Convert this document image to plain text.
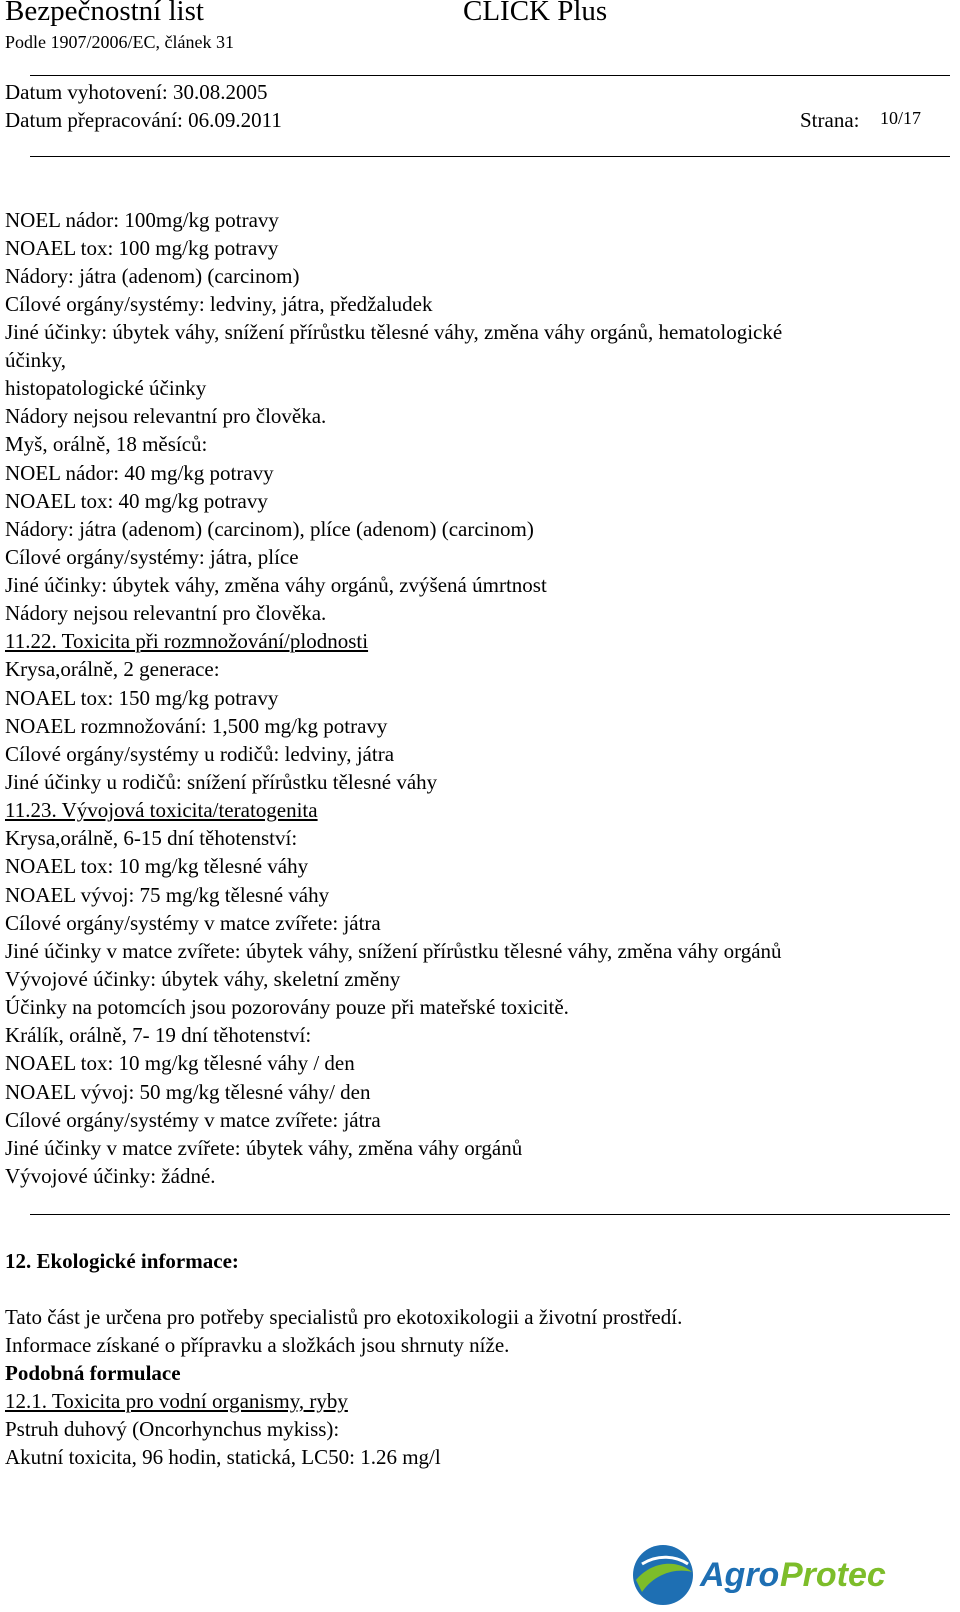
Bezpečnostní list	CLICK Plus
Podle 1907/2006/EC, článek 31
Datum vyhotovení: 30.08.2005
Datum přepracování: 06.09.2011	Strana: 10/17
NOEL nádor: 100mg/kg potravy
NOAEL tox: 100 mg/kg potravy
Nádory: játra (adenom) (carcinom)
Cílové orgány/systémy: ledviny, játra, předžaludek
Jiné účinky: úbytek váhy, snížení přírůstku tělesné váhy, změna váhy orgánů, hematologické
účinky,
histopatologické účinky
Nádory nejsou relevantní pro člověka.
Myš, orálně, 18 měsíců:
NOEL nádor: 40 mg/kg potravy
NOAEL tox: 40 mg/kg potravy
Nádory: játra (adenom) (carcinom), plíce (adenom) (carcinom)
Cílové orgány/systémy: játra, plíce
Jiné účinky: úbytek váhy, změna váhy orgánů, zvýšená úmrtnost
Nádory nejsou relevantní pro člověka.
11.22. Toxicita při rozmnožování/plodnosti
Krysa,orálně, 2 generace:
NOAEL tox: 150 mg/kg potravy
NOAEL rozmnožování: 1,500 mg/kg potravy
Cílové orgány/systémy u rodičů: ledviny, játra
Jiné účinky u rodičů: snížení přírůstku tělesné váhy
11.23. Vývojová toxicita/teratogenita
Krysa,orálně, 6-15 dní těhotenství:
NOAEL tox: 10 mg/kg tělesné váhy
NOAEL vývoj: 75 mg/kg tělesné váhy
Cílové orgány/systémy v matce zvířete: játra
Jiné účinky v matce zvířete: úbytek váhy, snížení přírůstku tělesné váhy, změna váhy orgánů
Vývojové účinky: úbytek váhy, skeletní změny
Účinky na potomcích jsou pozorovány pouze při mateřské toxicitě.
Králík, orálně, 7- 19 dní těhotenství:
NOAEL tox: 10 mg/kg tělesné váhy / den
NOAEL vývoj: 50 mg/kg tělesné váhy/ den
Cílové orgány/systémy v matce zvířete: játra
Jiné účinky v matce zvířete: úbytek váhy, změna váhy orgánů
Vývojové účinky: žádné.
12. Ekologické informace:
Tato část je určena pro potřeby specialistů pro ekotoxikologii a životní prostředí.
Informace získané o přípravku a složkách jsou shrnuty níže.
Podobná formulace
12.1. Toxicita pro vodní organismy, ryby
Pstruh duhový (Oncorhynchus mykiss):
Akutní toxicita, 96 hodin, statická, LC50: 1.26 mg/l
Agro Protec
